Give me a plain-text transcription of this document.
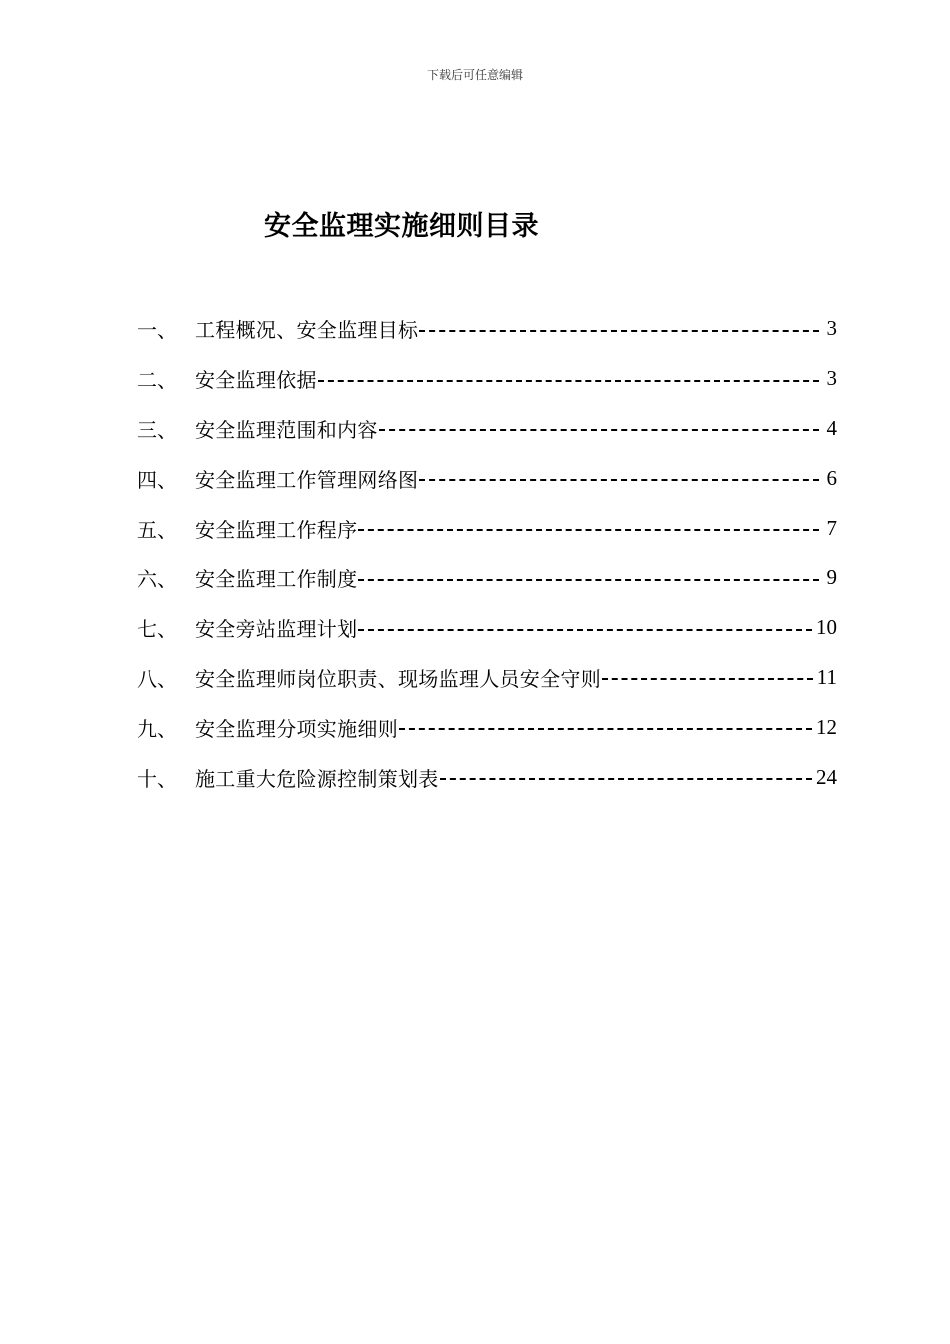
下载后可任意编辑
安全监理实施细则目录
一、 工程概况、安全监理目标	3
二、 安全监理依据	3
三、 安全监理范围和内容	4
四、 安全监理工作管理网络图	6
五、 安全监理工作程序	7
六、 安全监理工作制度	9
七、 安全旁站监理计划	10
八、 安全监理师岗位职责、现场监理人员安全守则	11
九、 安全监理分项实施细则	12
十、 施工重大危险源控制策划表	24
